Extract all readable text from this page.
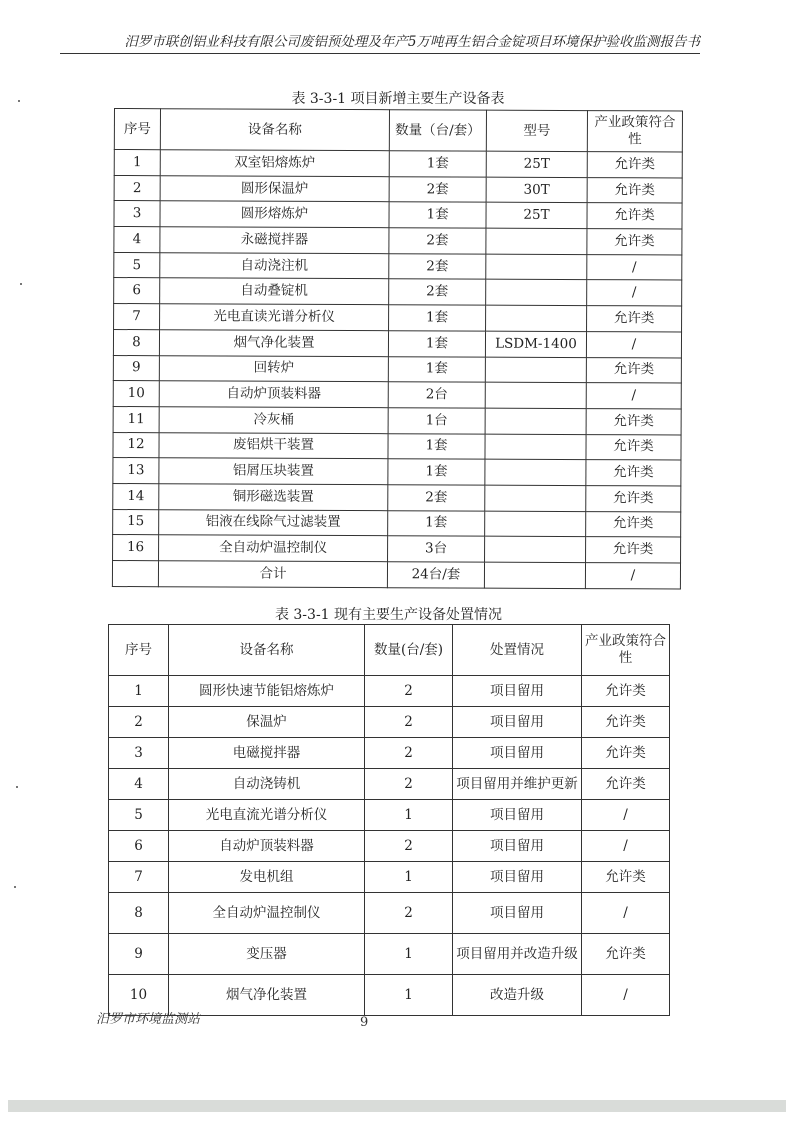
汨罗市联创铝业科技有限公司废铝预处理及年产5万吨再生铝合金锭项目环境保护验收监测报告书
表 3-3-1 项目新增主要生产设备表
序号	设备名称	数量（台/套）	型号	产业政策符合性
1	双室铝熔炼炉	1套	25T	允许类
2	圆形保温炉	2套	30T	允许类
3	圆形熔炼炉	1套	25T	允许类
4	永磁搅拌器	2套		允许类
5	自动浇注机	2套		/
6	自动叠锭机	2套		/
7	光电直读光谱分析仪	1套		允许类
8	烟气净化装置	1套	LSDM-1400	/
9	回转炉	1套		允许类
10	自动炉顶装料器	2台		/
11	冷灰桶	1台		允许类
12	废铝烘干装置	1套		允许类
13	铝屑压块装置	1套		允许类
14	铜形磁选装置	2套		允许类
15	铝液在线除气过滤装置	1套		允许类
16	全自动炉温控制仪	3台		允许类
	合计	24台/套		/
表 3-3-1 现有主要生产设备处置情况
序号	设备名称	数量(台/套)	处置情况	产业政策符合性
1	圆形快速节能铝熔炼炉	2	项目留用	允许类
2	保温炉	2	项目留用	允许类
3	电磁搅拌器	2	项目留用	允许类
4	自动浇铸机	2	项目留用并维护更新	允许类
5	光电直流光谱分析仪	1	项目留用	/
6	自动炉顶装料器	2	项目留用	/
7	发电机组	1	项目留用	允许类
8	全自动炉温控制仪	2	项目留用	/
9	变压器	1	项目留用并改造升级	允许类
10	烟气净化装置	1	改造升级	/
汨罗市环境监测站	9
